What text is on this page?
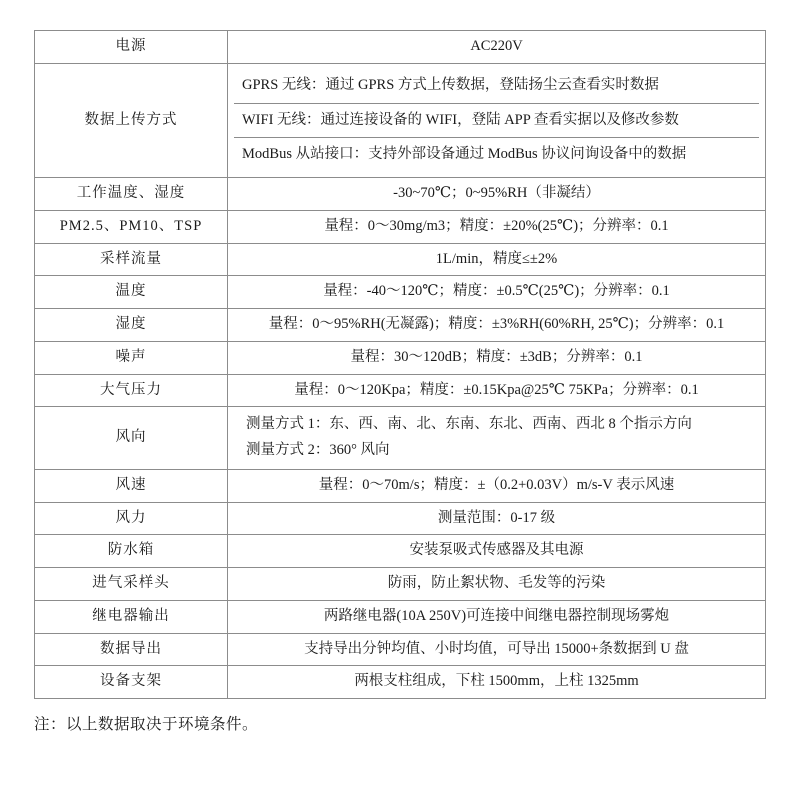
电源	AC220V
数据上传方式	GPRS 无线：通过 GPRS 方式上传数据，登陆扬尘云查看实时数据
WIFI 无线：通过连接设备的 WIFI，登陆 APP 查看实据以及修改参数
ModBus 从站接口：支持外部设备通过 ModBus 协议问询设备中的数据

工作温度、湿度	-30~70℃；0~95%RH（非凝结）
PM2.5、PM10、TSP	量程：0～30mg/m3；精度：±20%(25℃)；分辨率：0.1
采样流量	1L/min，精度≤±2%
温度	量程：-40～120℃；精度：±0.5℃(25℃)；分辨率：0.1
湿度	量程：0～95%RH(无凝露)；精度：±3%RH(60%RH, 25℃)；分辨率：0.1
噪声	量程：30～120dB；精度：±3dB；分辨率：0.1
大气压力	量程：0～120Kpa；精度：±0.15Kpa@25℃ 75KPa；分辨率：0.1
风向	测量方式 1：东、西、南、北、东南、东北、西南、西北 8 个指示方向
测量方式 2：360° 风向

风速	量程：0～70m/s；精度：±（0.2+0.03V）m/s-V 表示风速
风力	测量范围：0-17 级
防水箱	安装泵吸式传感器及其电源
进气采样头	防雨，防止絮状物、毛发等的污染
继电器输出	两路继电器(10A 250V)可连接中间继电器控制现场雾炮
数据导出	支持导出分钟均值、小时均值，可导出 15000+条数据到 U 盘
设备支架	两根支柱组成，下柱 1500mm，上柱 1325mm
注：以上数据取决于环境条件。
